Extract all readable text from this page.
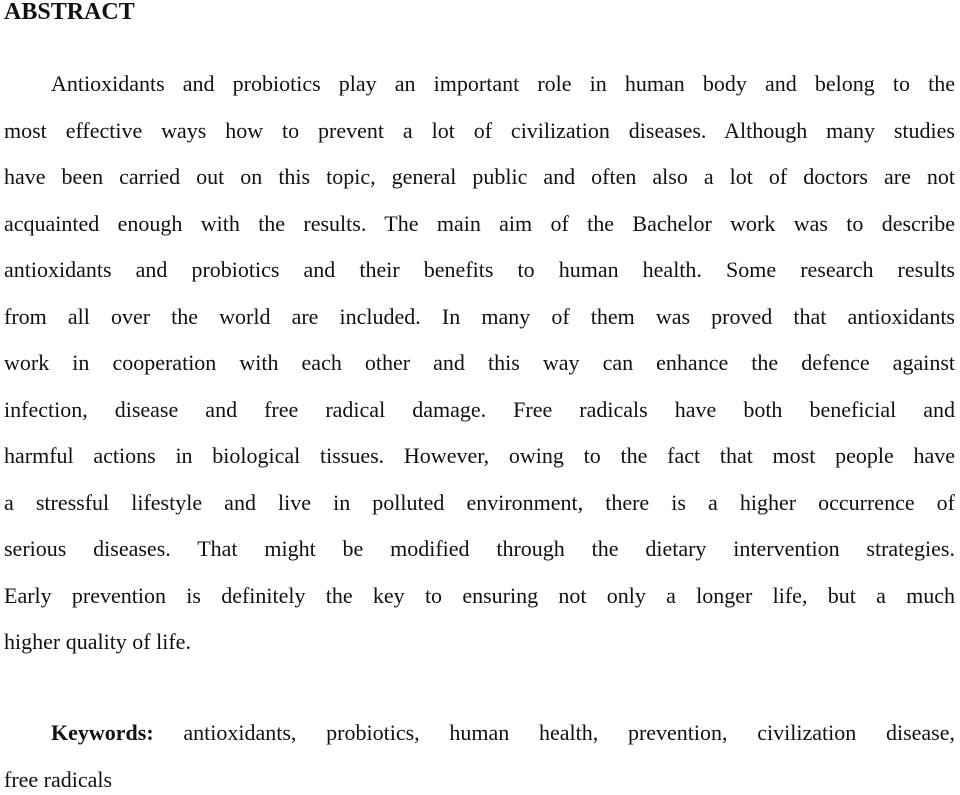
ABSTRACT
Antioxidants and probiotics play an important role in human body and belong to the
most effective ways how to prevent a lot of civilization diseases. Although many studies
have been carried out on this topic, general public and often also a lot of doctors are not
acquainted enough with the results. The main aim of the Bachelor work was to describe
antioxidants and probiotics and their benefits to human health. Some research results
from all over the world are included. In many of them was proved that antioxidants
work in cooperation with each other and this way can enhance the defence against
infection, disease and free radical damage. Free radicals have both beneficial and
harmful actions in biological tissues. However, owing to the fact that most people have
a stressful lifestyle and live in polluted environment, there is a higher occurrence of
serious diseases. That might be modified through the dietary intervention strategies.
Early prevention is definitely the key to ensuring not only a longer life, but a much
higher quality of life.
Keywords: antioxidants, probiotics, human health, prevention, civilization disease,
free radicals
